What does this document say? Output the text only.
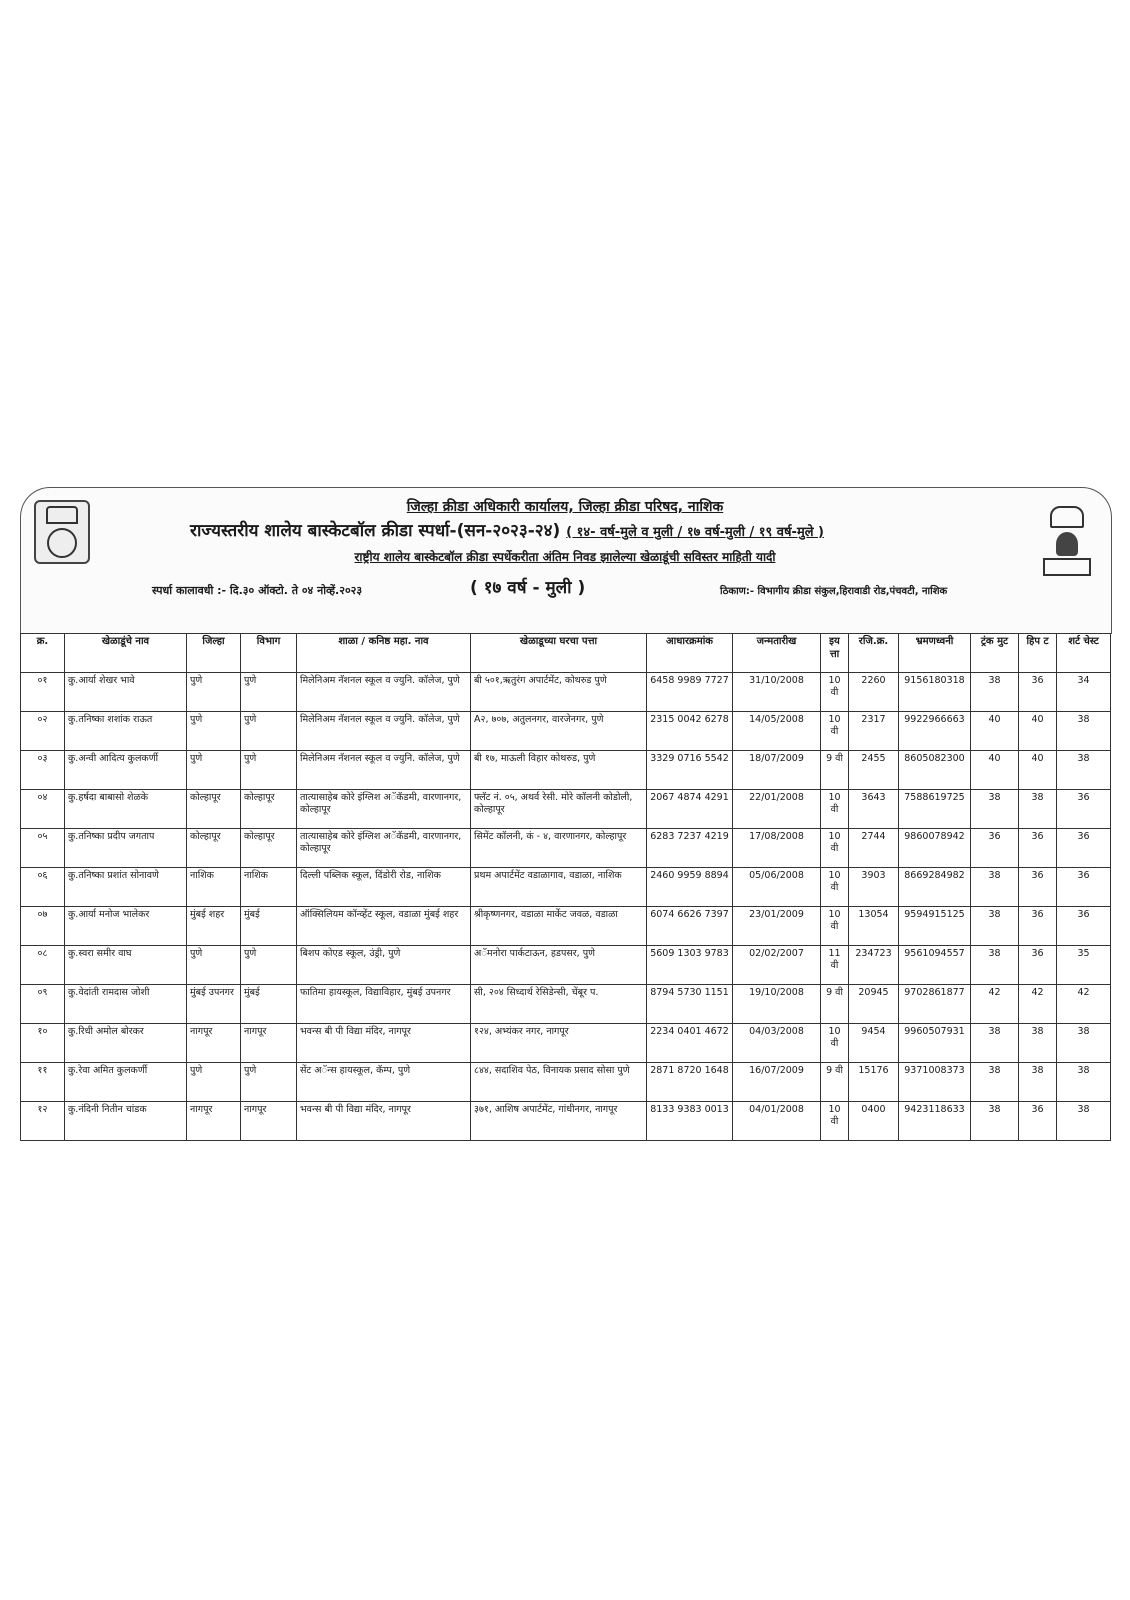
जिल्हा क्रीडा अधिकारी कार्यालय, जिल्हा क्रीडा परिषद, नाशिक
राज्यस्तरीय शालेय बास्केटबॉल क्रीडा स्पर्धा-(सन-२०२३-२४) ( १४- वर्ष-मुले व मुली / १७ वर्ष-मुली / १९ वर्ष-मुले )
राष्ट्रीय शालेय बास्केटबॉल क्रीडा स्पर्धेकरीता अंतिम निवड झालेल्या खेळाडूंची सविस्तर माहिती यादी
स्पर्धा कालावधी :- दि.३० ऑक्टो. ते ०४ नोव्हें.२०२३	( १७ वर्ष - मुली )	ठिकाण:- विभागीय क्रीडा संकुल,हिरावाडी रोड,पंचवटी, नाशिक
क्र.	खेळाडूंचे नाव	जिल्हा	विभाग	शाळा / कनिष्ठ महा. नाव	खेळाडूच्या घरचा पत्ता	आधारक्रमांक	जन्मतारीख	इय त्ता	रजि.क्र.	भ्रमणध्वनी	ट्रंक मुट	हिप ट	शर्ट चेस्ट
०१	कु.आर्या शेखर भावे	पुणे	पुणे	मिलेनिअम नॅशनल स्कूल व ज्युनि. कॉलेज, पुणे	बी ५०१,ऋतुरंग अपार्टमेंट, कोथरुड पुणे	6458 9989 7727	31/10/2008	10 वी	2260	9156180318	38	36	34
०२	कु.तनिष्का शशांक राऊत	पुणे	पुणे	मिलेनिअम नॅशनल स्कूल व ज्युनि. कॉलेज, पुणे	A२, ७०७, अतुलनगर, वारजेनगर, पुणे	2315 0042 6278	14/05/2008	10 वी	2317	9922966663	40	40	38
०३	कु.अन्वी आदित्य कुलकर्णी	पुणे	पुणे	मिलेनिअम नॅशनल स्कूल व ज्युनि. कॉलेज, पुणे	बी १७, माऊली विहार कोथरुड, पुणे	3329 0716 5542	18/07/2009	9 वी	2455	8605082300	40	40	38
०४	कु.हर्षदा बाबासो शेळके	कोल्हापूर	कोल्हापूर	तात्यासाहेब कोरे इंग्लिश अॅकॅडमी, वारणानगर, कोल्हापूर	फ्लॅट नं. ०५, अथर्व रेसी. मोरे कॉलनी कोडोली, कोल्हापूर	2067 4874 4291	22/01/2008	10 वी	3643	7588619725	38	38	36
०५	कु.तनिष्का प्रदीप जगताप	कोल्हापूर	कोल्हापूर	तात्यासाहेब कोरे इंग्लिश अॅकॅडमी, वारणानगर, कोल्हापूर	सिमेंट कॉलनी, कं - ४, वारणानगर, कोल्हापूर	6283 7237 4219	17/08/2008	10 वी	2744	9860078942	36	36	36
०६	कु.तनिष्का प्रशांत सोनावणे	नाशिक	नाशिक	दिल्ली पब्लिक स्कूल, दिंडोरी रोड, नाशिक	प्रथम अपार्टमेंट वडाळागाव, वडाळा, नाशिक	2460 9959 8894	05/06/2008	10 वी	3903	8669284982	38	36	36
०७	कु.आर्या मनोज भालेकर	मुंबई शहर	मुंबई	ऑक्सिलियम कॉन्व्हेंट स्कूल, वडाळा मुंबई शहर	श्रीकृष्णनगर, वडाळा मार्केट जवळ, वडाळा	6074 6626 7397	23/01/2009	10 वी	13054	9594915125	38	36	36
०८	कु.स्वरा समीर वाघ	पुणे	पुणे	बिशप कोएड स्कूल, उंड्री, पुणे	अॅमनोरा पार्कटाऊन, हडपसर, पुणे	5609 1303 9783	02/02/2007	11 वी	234723	9561094557	38	36	35
०९	कु.वेदांती रामदास जोशी	मुंबई उपनगर	मुंबई	फातिमा हायस्कूल, विद्याविहार, मुंबई उपनगर	सी, २०४ सिध्दार्थ रेसिडेन्सी, चेंबूर प.	8794 5730 1151	19/10/2008	9 वी	20945	9702861877	42	42	42
१०	कु.रिधी अमोल बोरकर	नागपूर	नागपूर	भवन्स बी पी विद्या मंदिर, नागपूर	१२४, अभ्यंकर नगर, नागपूर	2234 0401 4672	04/03/2008	10 वी	9454	9960507931	38	38	38
११	कु.रेवा अमित कुलकर्णी	पुणे	पुणे	सेंट अॅन्स हायस्कूल, कॅम्प, पुणे	८४४, सदाशिव पेठ, विनायक प्रसाद सोसा पुणे	2871 8720 1648	16/07/2009	9 वी	15176	9371008373	38	38	38
१२	कु.नंदिनी नितीन चांडक	नागपूर	नागपूर	भवन्स बी पी विद्या मंदिर, नागपूर	३७१, आशिष अपार्टमेंट, गांधीनगर, नागपूर	8133 9383 0013	04/01/2008	10 वी	0400	9423118633	38	36	38
